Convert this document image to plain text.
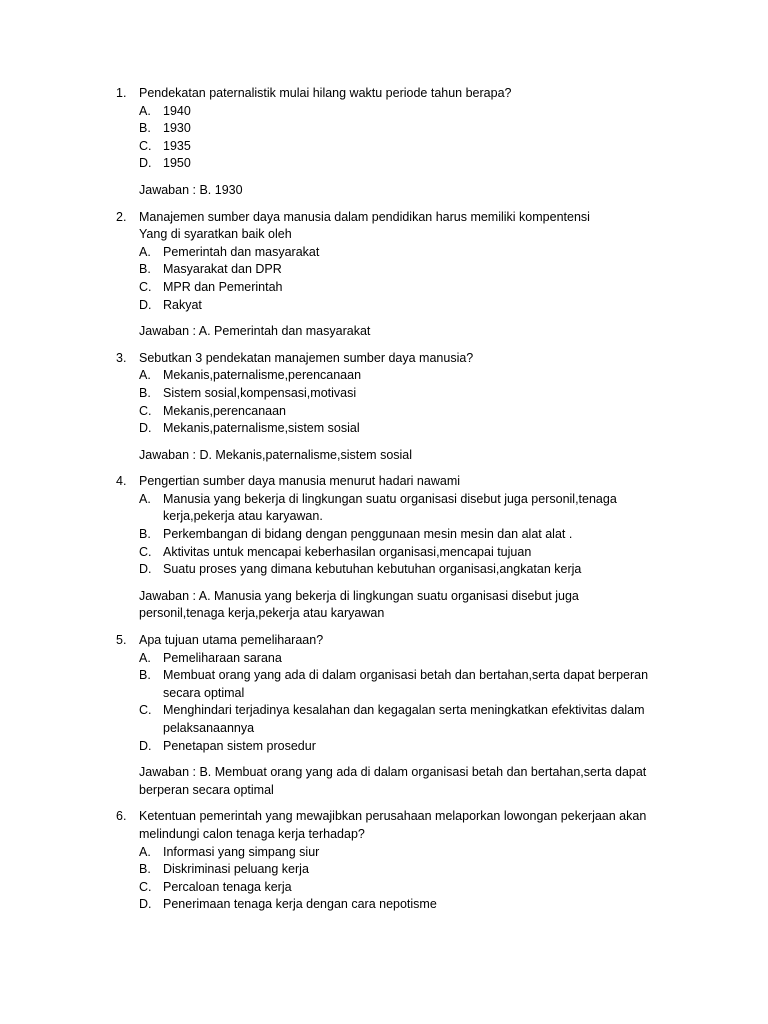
1. Pendekatan paternalistik mulai hilang waktu periode tahun berapa?
A. 1940
B. 1930
C. 1935
D. 1950
Jawaban : B. 1930
2. Manajemen sumber daya manusia dalam pendidikan harus memiliki kompentensi
Yang di syaratkan baik oleh
A. Pemerintah dan masyarakat
B. Masyarakat dan DPR
C. MPR dan Pemerintah
D. Rakyat
Jawaban : A. Pemerintah dan masyarakat
3. Sebutkan 3 pendekatan manajemen sumber daya manusia?
A. Mekanis,paternalisme,perencanaan
B. Sistem sosial,kompensasi,motivasi
C. Mekanis,perencanaan
D. Mekanis,paternalisme,sistem sosial
Jawaban : D. Mekanis,paternalisme,sistem sosial
4. Pengertian sumber daya manusia menurut hadari nawami
A. Manusia yang bekerja di lingkungan suatu organisasi disebut juga personil,tenaga
kerja,pekerja atau karyawan.
B. Perkembangan di bidang dengan penggunaan mesin mesin dan alat alat .
C. Aktivitas untuk mencapai keberhasilan organisasi,mencapai tujuan
D. Suatu proses yang dimana kebutuhan kebutuhan organisasi,angkatan kerja
Jawaban : A. Manusia yang bekerja di lingkungan suatu organisasi disebut juga
personil,tenaga kerja,pekerja atau karyawan
5. Apa tujuan utama pemeliharaan?
A. Pemeliharaan sarana
B. Membuat orang yang ada di dalam organisasi betah dan bertahan,serta dapat berperan
secara optimal
C. Menghindari terjadinya kesalahan dan kegagalan serta meningkatkan efektivitas dalam
pelaksanaannya
D. Penetapan sistem prosedur
Jawaban : B. Membuat orang yang ada di dalam organisasi betah dan bertahan,serta dapat
berperan secara optimal
6. Ketentuan pemerintah yang mewajibkan perusahaan melaporkan lowongan pekerjaan akan
melindungi calon tenaga kerja terhadap?
A. Informasi yang simpang siur
B. Diskriminasi peluang kerja
C. Percaloan tenaga kerja
D. Penerimaan tenaga kerja dengan cara nepotisme
